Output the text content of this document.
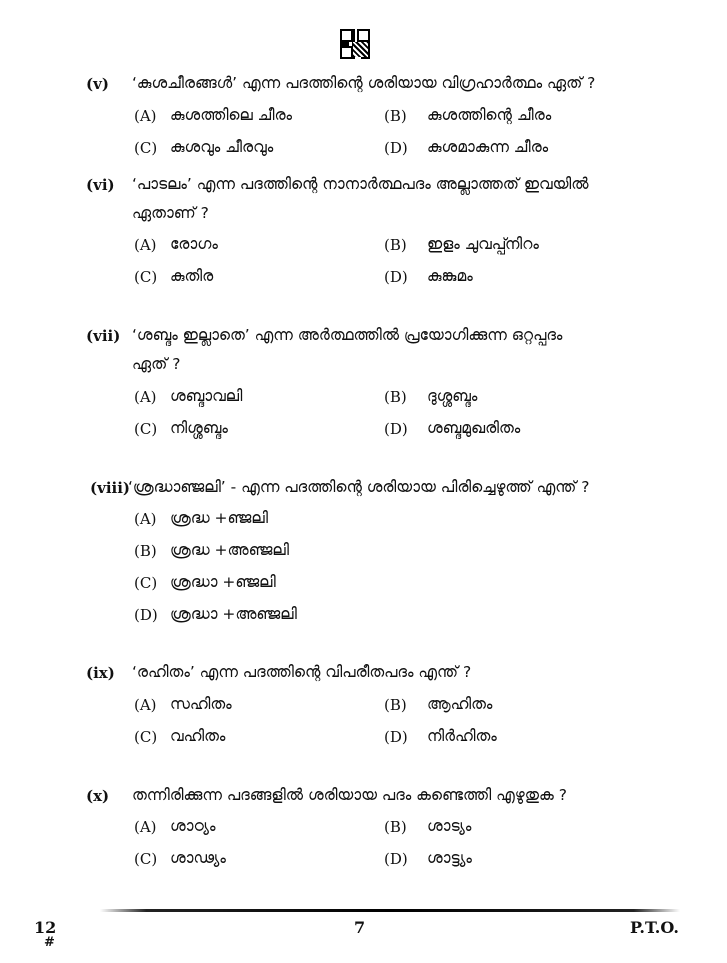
(v) ‘കുശചീരങ്ങൾ’ എന്ന പദത്തിന്റെ ശരിയായ വിഗ്രഹാർത്ഥം ഏത് ?
(A) കുശത്തിലെ ചീരം	(B) കുശത്തിന്റെ ചീരം
(C) കുശവും ചീരവും	(D) കുശമാകുന്ന ചീരം
(vi) ‘പാടലം’ എന്ന പദത്തിന്റെ നാനാർത്ഥപദം അല്ലാത്തത് ഇവയിൽ
ഏതാണ് ?
(A) രോഗം	(B) ഇളം ചുവപ്പ്നിറം
(C) കുതിര	(D) കുങ്കുമം
(vii) ‘ശബ്ദം ഇല്ലാതെ’ എന്ന അർത്ഥത്തിൽ പ്രയോഗിക്കുന്ന ഒറ്റപ്പദം
ഏത് ?
(A) ശബ്ദാവലി	(B) ദുശ്ശബ്ദം
(C) നിശ്ശബ്ദം	(D) ശബ്ദമുഖരിതം
(viii)
‘ശ്രദ്ധാഞ്ജലി’ - എന്ന പദത്തിന്റെ ശരിയായ പിരിച്ചെഴുത്ത് എന്ത് ?
(A) ശ്രദ്ധ +ഞ്ജലി
(B) ശ്രദ്ധ +അഞ്ജലി
(C) ശ്രദ്ധാ +ഞ്ജലി
(D) ശ്രദ്ധാ +അഞ്ജലി
(ix) ‘രഹിതം’ എന്ന പദത്തിന്റെ വിപരീതപദം എന്ത് ?
(A) സഹിതം	(B) ആഹിതം
(C) വഹിതം	(D) നിർഹിതം
(x) തന്നിരിക്കുന്ന പദങ്ങളിൽ ശരിയായ പദം കണ്ടെത്തി എഴുതുക ?
(A) ശാഠ്യം	(B) ശാട്യം
(C) ശാഢ്യം	(D) ശാട്ട്യം
12
#
7	P.T.O.
